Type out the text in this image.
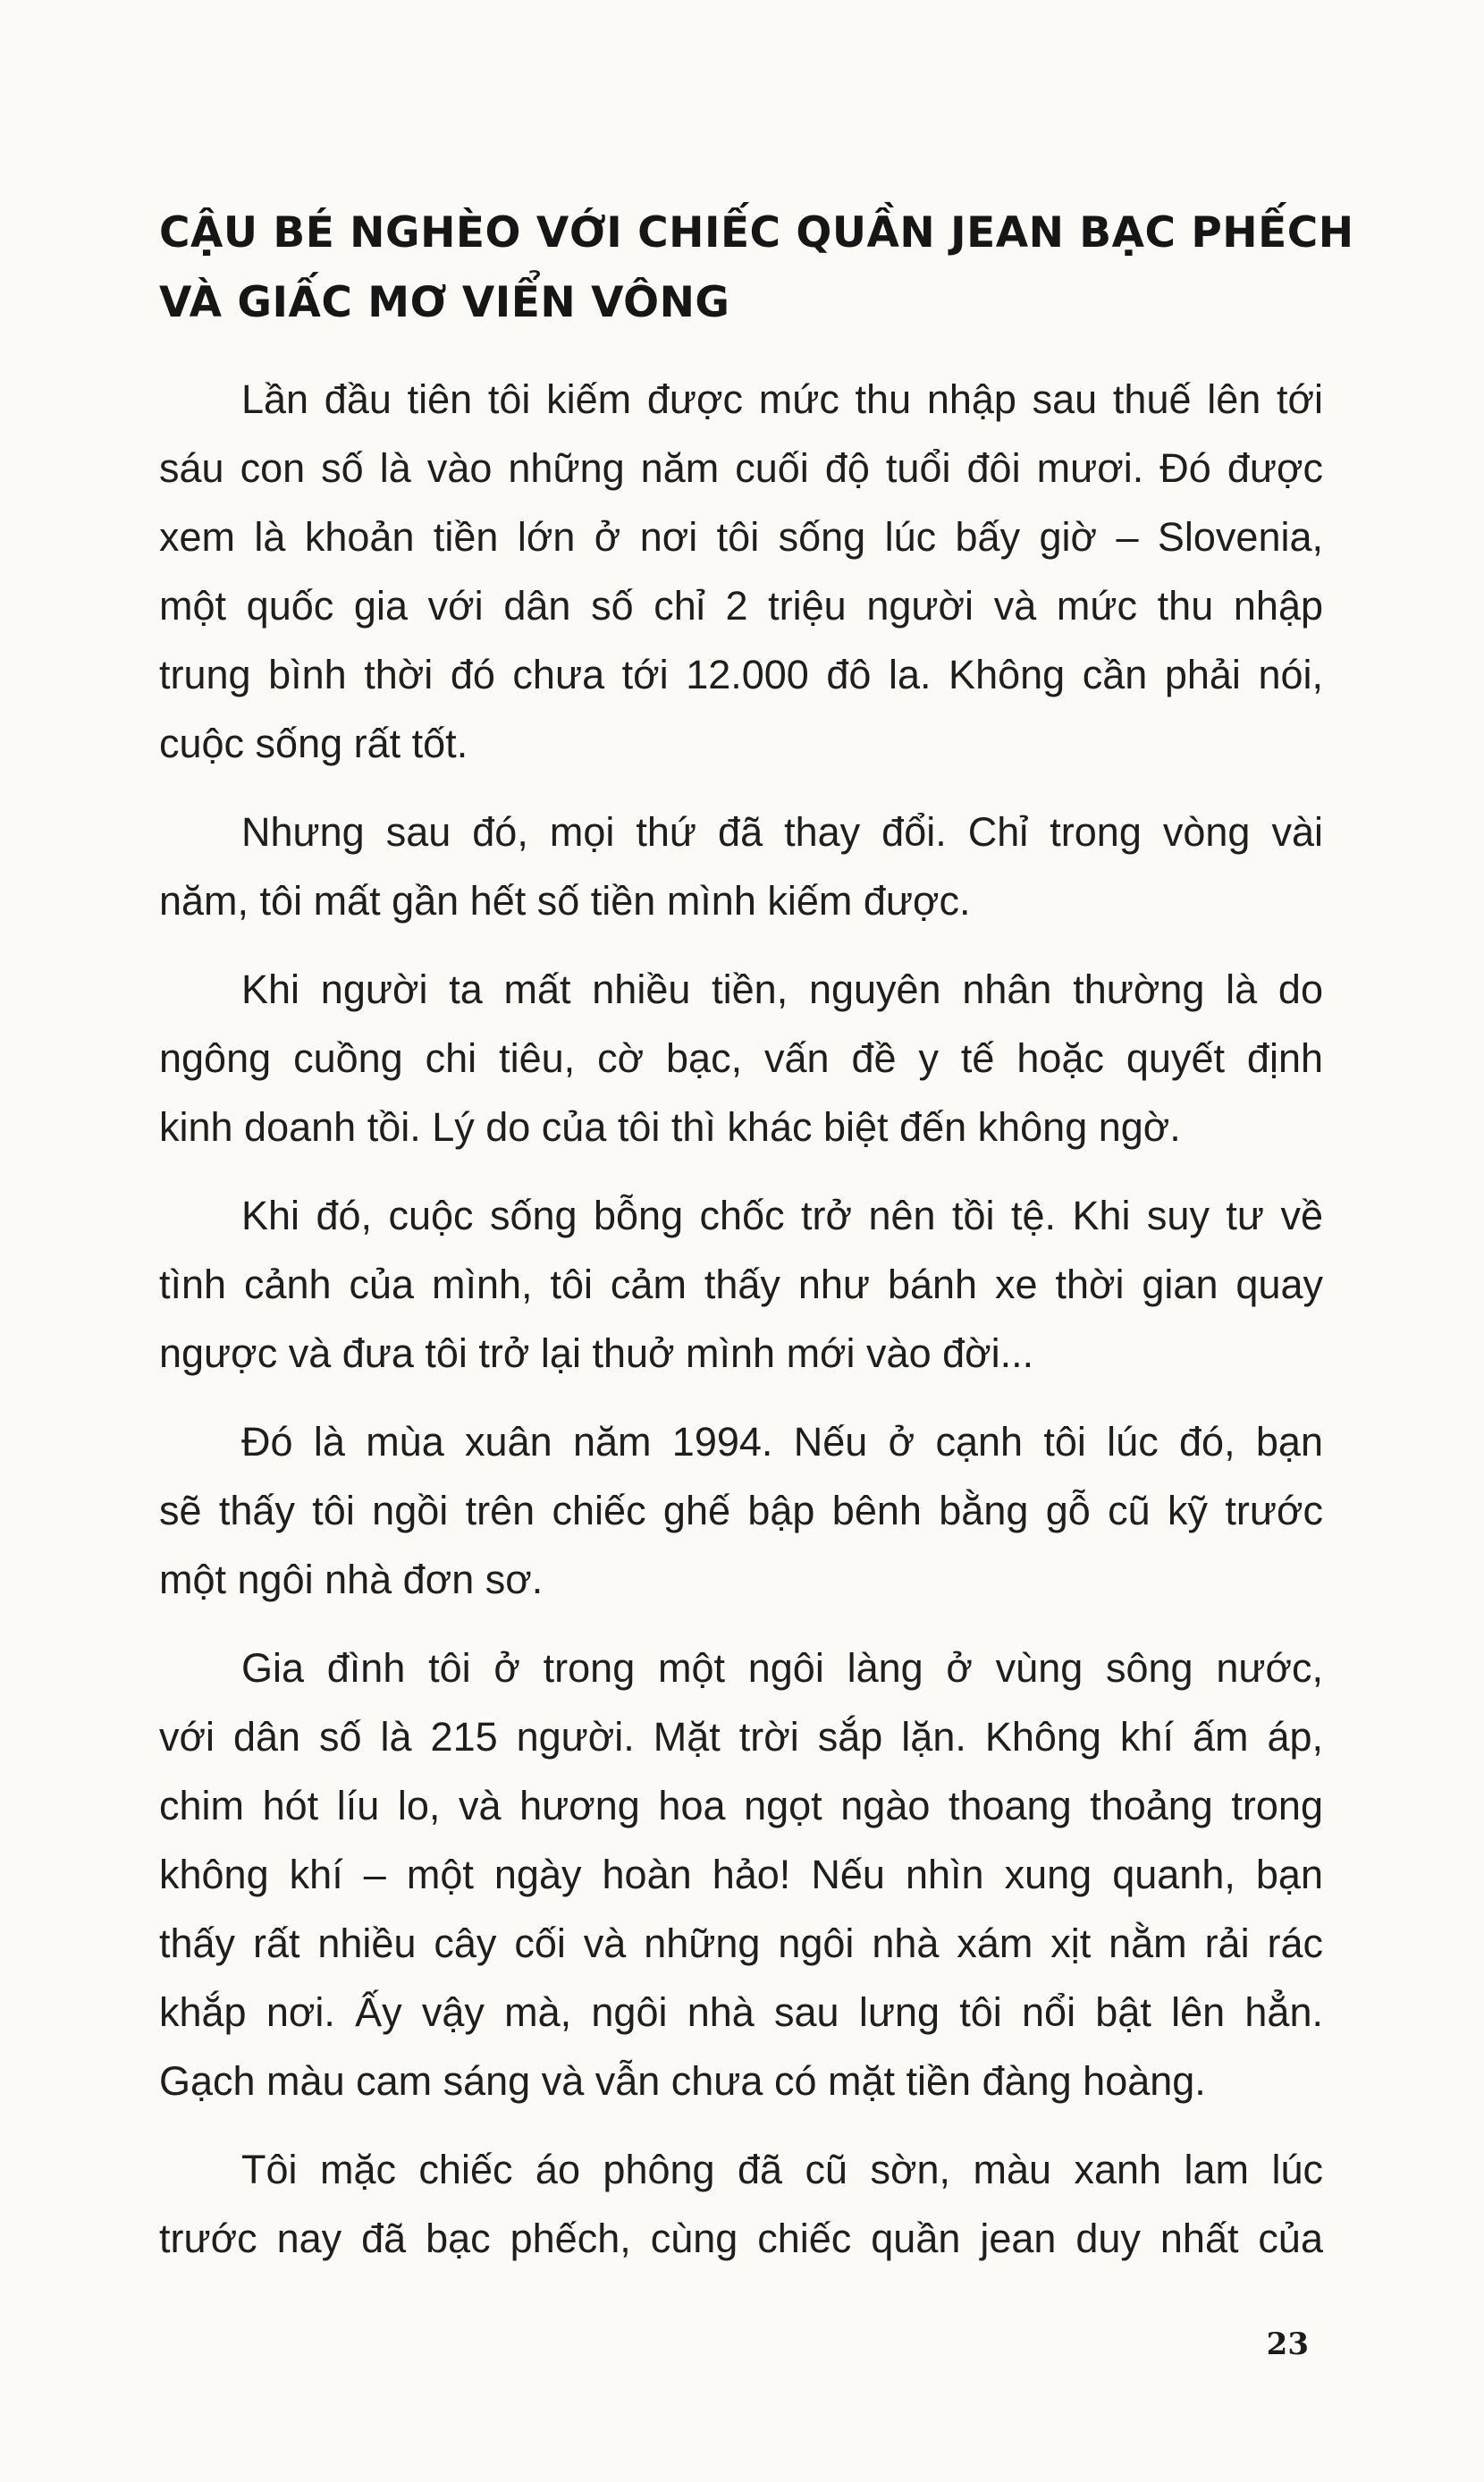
CẬU BÉ NGHÈO VỚI CHIẾC QUẦN JEAN BẠC PHẾCH
VÀ GIẤC MƠ VIỂN VÔNG

Lần đầu tiên tôi kiếm được mức thu nhập sau thuế lên tới
sáu con số là vào những năm cuối độ tuổi đôi mươi. Đó được
xem là khoản tiền lớn ở nơi tôi sống lúc bấy giờ – Slovenia,
một quốc gia với dân số chỉ 2 triệu người và mức thu nhập
trung bình thời đó chưa tới 12.000 đô la. Không cần phải nói,
cuộc sống rất tốt.

Nhưng sau đó, mọi thứ đã thay đổi. Chỉ trong vòng vài
năm, tôi mất gần hết số tiền mình kiếm được.

Khi người ta mất nhiều tiền, nguyên nhân thường là do
ngông cuồng chi tiêu, cờ bạc, vấn đề y tế hoặc quyết định
kinh doanh tồi. Lý do của tôi thì khác biệt đến không ngờ.

Khi đó, cuộc sống bỗng chốc trở nên tồi tệ. Khi suy tư về
tình cảnh của mình, tôi cảm thấy như bánh xe thời gian quay
ngược và đưa tôi trở lại thuở mình mới vào đời...

Đó là mùa xuân năm 1994. Nếu ở cạnh tôi lúc đó, bạn
sẽ thấy tôi ngồi trên chiếc ghế bập bênh bằng gỗ cũ kỹ trước
một ngôi nhà đơn sơ.

Gia đình tôi ở trong một ngôi làng ở vùng sông nước,
với dân số là 215 người. Mặt trời sắp lặn. Không khí ấm áp,
chim hót líu lo, và hương hoa ngọt ngào thoang thoảng trong
không khí – một ngày hoàn hảo! Nếu nhìn xung quanh, bạn
thấy rất nhiều cây cối và những ngôi nhà xám xịt nằm rải rác
khắp nơi. Ấy vậy mà, ngôi nhà sau lưng tôi nổi bật lên hẳn.
Gạch màu cam sáng và vẫn chưa có mặt tiền đàng hoàng.

Tôi mặc chiếc áo phông đã cũ sờn, màu xanh lam lúc
trước nay đã bạc phếch, cùng chiếc quần jean duy nhất của

23
